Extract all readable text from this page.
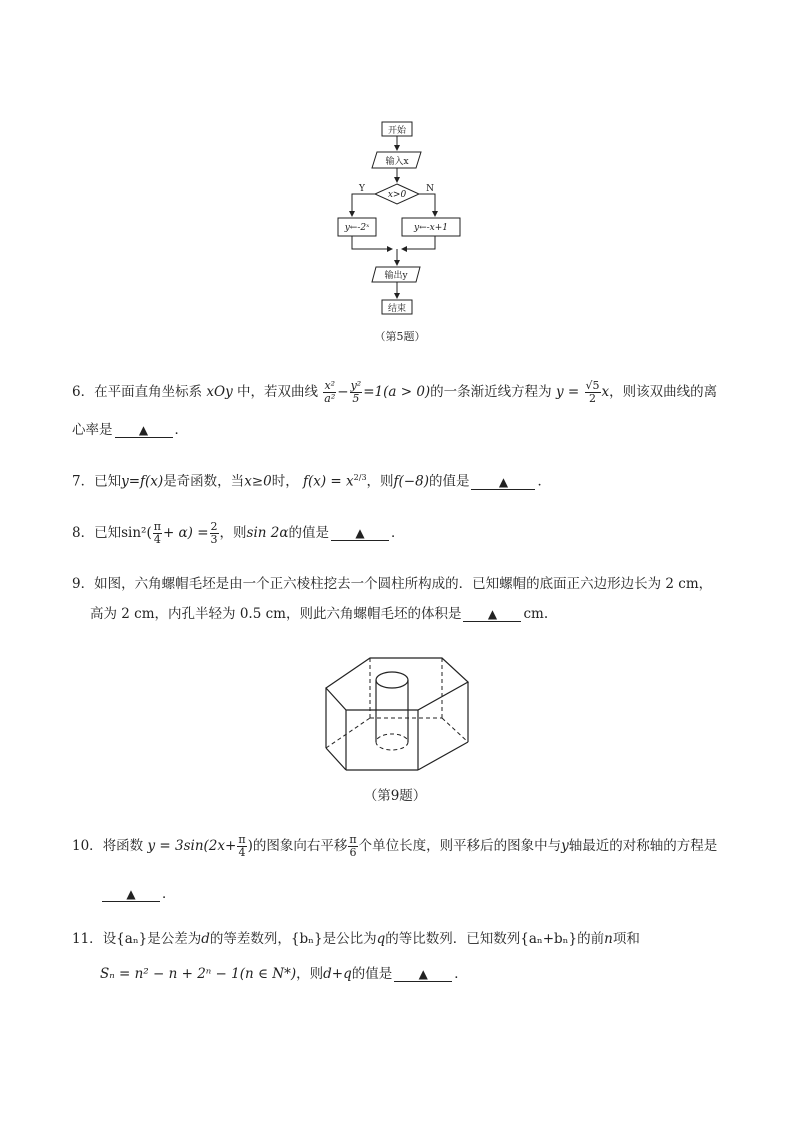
开始
输入x
x>0
Y	N
y←-2ˣ	y←-x+1
输出y
结束
（第5题）
6．在平面直角坐标系 xOy 中，若双曲线 $\frac{\text{x²}}{\text{a²}} - \frac{\text{y²}}{5} =1(a > 0)$的一条渐近线方程为 $y = \frac{√5}{2}$ x，则该双曲线的离
心率是 ▲ ．
7．已知y=f(x)是奇函数，当x≥0时， $f(x) = x^{2/3}$，则f(−8)的值是 ▲ ．
8．已知$\sin^2( \frac{\pi}{4} + \alpha) = \frac{2}{3}$ ，则sin 2α的值是 ▲ ．
9．如图，六角螺帽毛坯是由一个正六棱柱挖去一个圆柱所构成的．已知螺帽的底面正六边形边长为 2 cm，
高为 2 cm，内孔半轻为 0.5 cm，则此六角螺帽毛坯的体积是 ▲ cm.
（第9题）
10．将函数 $y = 3\sin(2x+ \frac{\pi}{4}$ )的图象向右平移 $\frac{\pi}{6}$ 个单位长度，则平移后的图象中与y轴最近的对称轴的方程是
▲ ．
11．设{aₙ}是公差为d的等差数列，{bₙ}是公比为q的等比数列．已知数列{aₙ+bₙ}的前n项和
Sₙ = n² − n + 2ⁿ − 1(n ∈ N*)，则d+q的值是 ▲ ．
